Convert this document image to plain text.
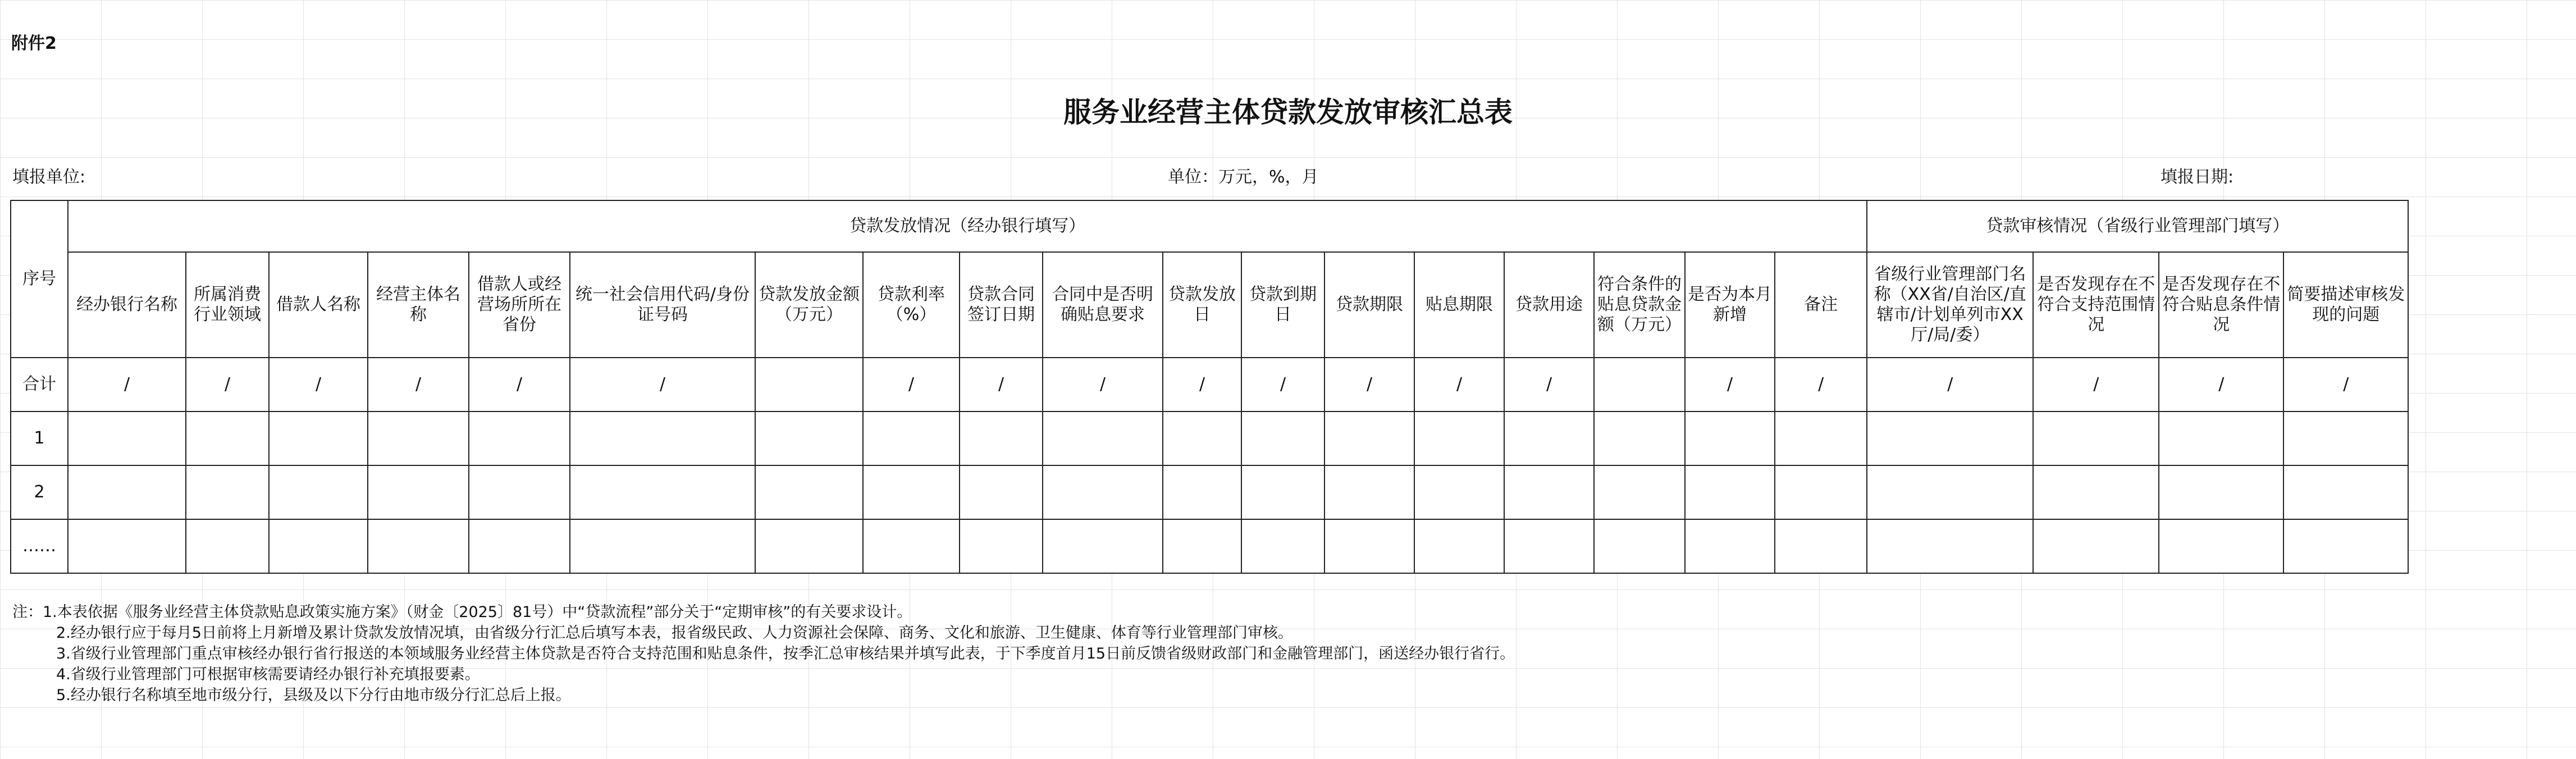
附件2
服务业经营主体贷款发放审核汇总表
填报单位:	单位：万元，%，月	填报日期:
序号	贷款发放情况（经办银行填写）																		贷款审核情况（省级行业管理部门填写）			
	经办银行名称	所属消费行业领域	借款人名称	经营主体名称	借款人或经营场所所在省份	统一社会信用代码/身份证号码	贷款发放金额（万元）	贷款利率（%）	贷款合同签订日期	合同中是否明确贴息要求	贷款发放日	贷款到期日	贷款期限	贴息期限	贷款用途	符合条件的贴息贷款金额（万元）	是否为本月新增	备注	省级行业管理部门名称（XX省/自治区/直辖市/计划单列市XX厅/局/委）	是否发现存在不符合支持范围情况	是否发现存在不符合贴息条件情况	简要描述审核发现的问题
合计	/	/	/	/	/	/		/	/	/	/	/	/	/	/		/	/	/	/	/	/
1																						
2																						
……																						
注：1.本表依据《服务业经营主体贷款贴息政策实施方案》（财金〔2025〕81号）中“贷款流程”部分关于“定期审核”的有关要求设计。
2.经办银行应于每月5日前将上月新增及累计贷款发放情况填，由省级分行汇总后填写本表，报省级民政、人力资源社会保障、商务、文化和旅游、卫生健康、体育等行业管理部门审核。
3.省级行业管理部门重点审核经办银行省行报送的本领域服务业经营主体贷款是否符合支持范围和贴息条件，按季汇总审核结果并填写此表，于下季度首月15日前反馈省级财政部门和金融管理部门，函送经办银行省行。
4.省级行业管理部门可根据审核需要请经办银行补充填报要素。
5.经办银行名称填至地市级分行，县级及以下分行由地市级分行汇总后上报。
